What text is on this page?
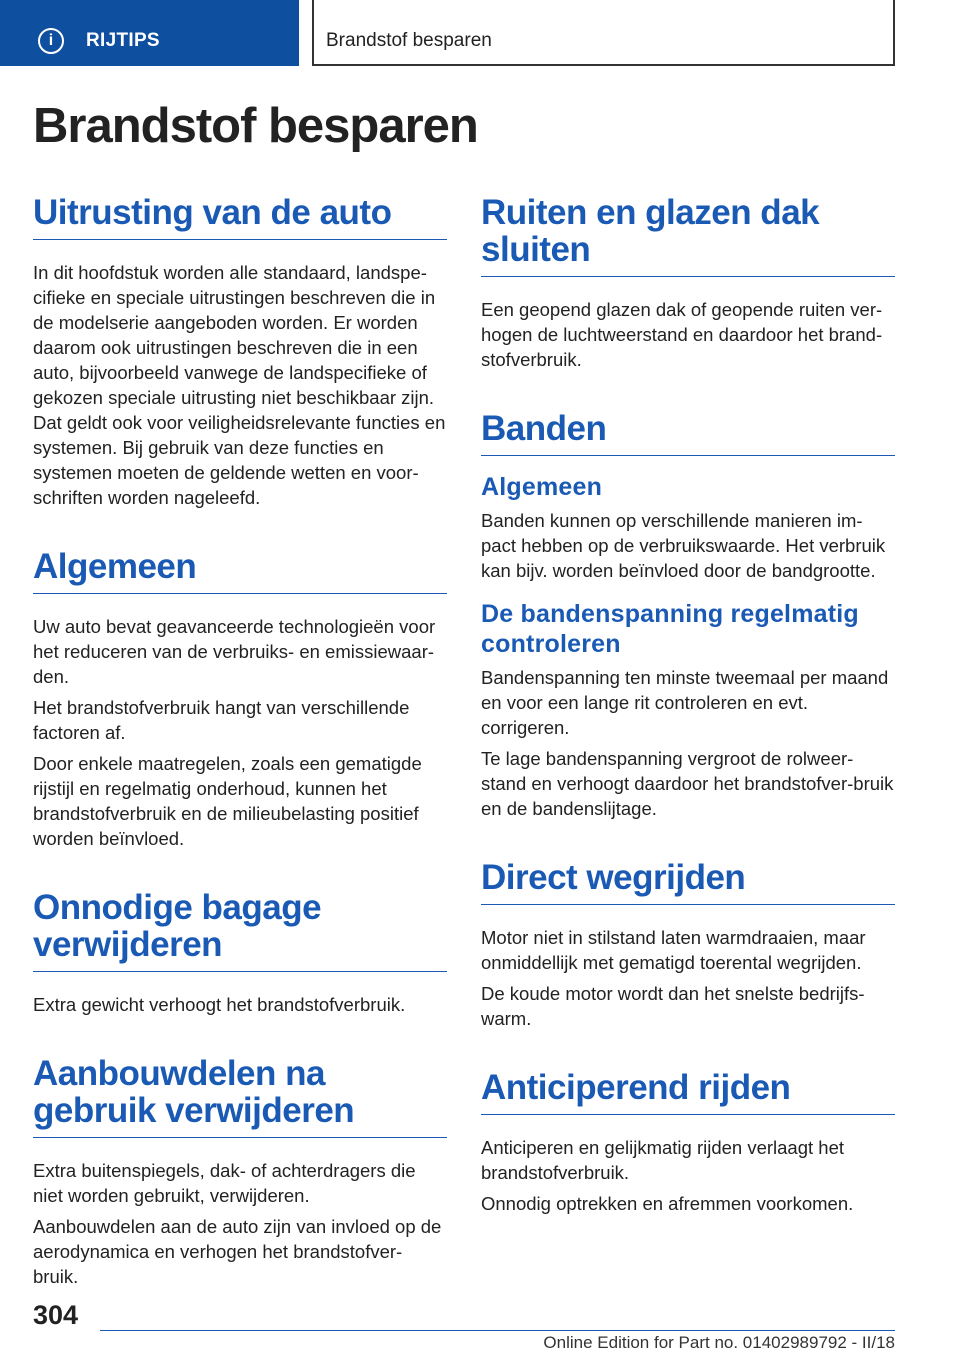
i	RIJTIPS	Brandstof besparen
Brandstof besparen
Uitrusting van de auto

In dit hoofdstuk worden alle standaard, landspe-cifieke en speciale uitrustingen beschreven die in de modelserie aangeboden worden. Er worden daarom ook uitrustingen beschreven die in een auto, bijvoorbeeld vanwege de landspecifieke of gekozen speciale uitrusting niet beschikbaar zijn. Dat geldt ook voor veiligheidsrelevante functies en systemen. Bij gebruik van deze functies en systemen moeten de geldende wetten en voor-schriften worden nageleefd.

Algemeen

Uw auto bevat geavanceerde technologieën voor het reduceren van de verbruiks- en emissiewaar-den.

Het brandstofverbruik hangt van verschillende factoren af.

Door enkele maatregelen, zoals een gematigde rijstijl en regelmatig onderhoud, kunnen het brandstofverbruik en de milieubelasting positief worden beïnvloed.

Onnodige bagage verwijderen

Extra gewicht verhoogt het brandstofverbruik.

Aanbouwdelen na gebruik verwijderen

Extra buitenspiegels, dak- of achterdragers die niet worden gebruikt, verwijderen.

Aanbouwdelen aan de auto zijn van invloed op de aerodynamica en verhogen het brandstofver-bruik.

Ruiten en glazen dak sluiten

Een geopend glazen dak of geopende ruiten ver-hogen de luchtweerstand en daardoor het brand-stofverbruik.

Banden
Algemeen

Banden kunnen op verschillende manieren im-pact hebben op de verbruikswaarde. Het verbruik kan bijv. worden beïnvloed door de bandgrootte.

De bandenspanning regelmatig controleren

Bandenspanning ten minste tweemaal per maand en voor een lange rit controleren en evt. corrigeren.

Te lage bandenspanning vergroot de rolweer-stand en verhoogt daardoor het brandstofver-bruik en de bandenslijtage.

Direct wegrijden

Motor niet in stilstand laten warmdraaien, maar onmiddellijk met gematigd toerental wegrijden.

De koude motor wordt dan het snelste bedrijfs-warm.

Anticiperend rijden

Anticiperen en gelijkmatig rijden verlaagt het brandstofverbruik.

Onnodig optrekken en afremmen voorkomen.

304
Online Edition for Part no. 01402989792 - II/18
